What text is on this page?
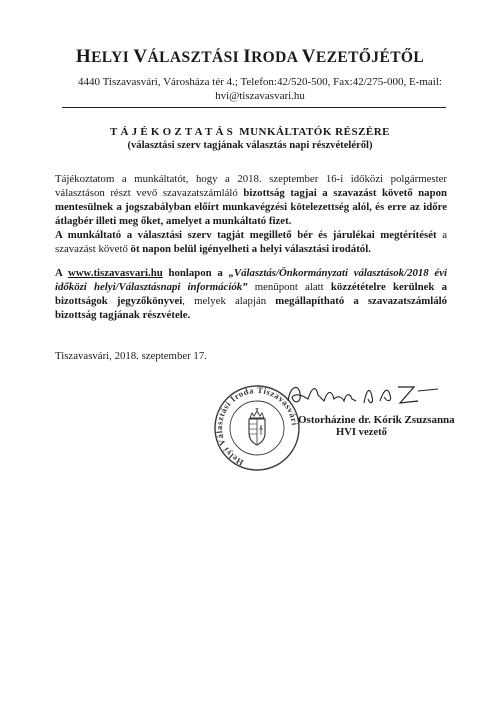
HELYI VÁLASZTÁSI IRODA VEZETŐJÉTŐL
4440 Tiszavasvári, Városháza tér 4.; Telefon:42/520-500, Fax:42/275-000, E-mail:
hvi@tiszavasvari.hu
TÁJÉKOZTATÁS MUNKÁLTATÓK RÉSZÉRE
(választási szerv tagjának választás napi részvételéről)

Tájékoztatom a munkáltatót, hogy a 2018. szeptember 16-i időközi polgármester választáson részt vevő szavazatszámláló bizottság tagjai a szavazást követő napon mentesülnek a jogszabályban előírt munkavégzési kötelezettség alól, és erre az időre átlagbér illeti meg őket, amelyet a munkáltató fizet.

A munkáltató a választási szerv tagját megillető bér és járulékai megtérítését a szavazást követő öt napon belül igényelheti a helyi választási irodától.

A www.tiszavasvari.hu honlapon a „Választás/Önkormányzati választások/2018 évi időközi helyi/Választásnapi információk” menüpont alatt közzétételre kerülnek a bizottságok jegyzőkönyvei, melyek alapján megállapítható a szavazatszámláló bizottság tagjának részvétele.

Tiszavasvári, 2018. szeptember 17.
Helyi Választási Iroda Tiszavasvári
Ostorházine dr. Kórik Zsuzsanna
HVI vezető
